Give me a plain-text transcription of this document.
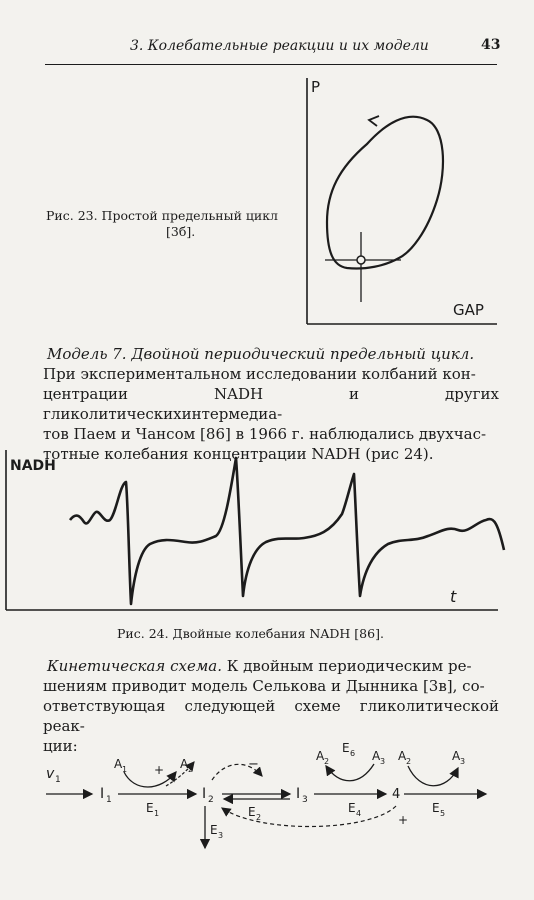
3. Колебательные реакции и их модели	43
Рис. 23. Простой предельный цикл
[3б].
P
GAP
Модель 7. Двойной периодический предельный цикл.
При экспериментальном исследовании колбаний кон-
центрации NADH и других гликолитическихинтермедиа-
тов Паем и Чансом [86] в 1966 г. наблюдались двухчас-
тотные колебания концентрации NADH (рис 24).
NADH
t
Рис. 24. Двойные колебания NADH [86].
Кинетическая схема. К двойным периодическим ре-
шениям приводит модель Селькова и Дынника [3в], со-
ответствующая следующей схеме гликолитической реак-
ции:
v 1
I 1
E 1
A 1	A 2
+
I 2
E 3
−
E 2
I 3
E 4
A 2
E 6 A 3
4
E 5
A 2	A 3
+
